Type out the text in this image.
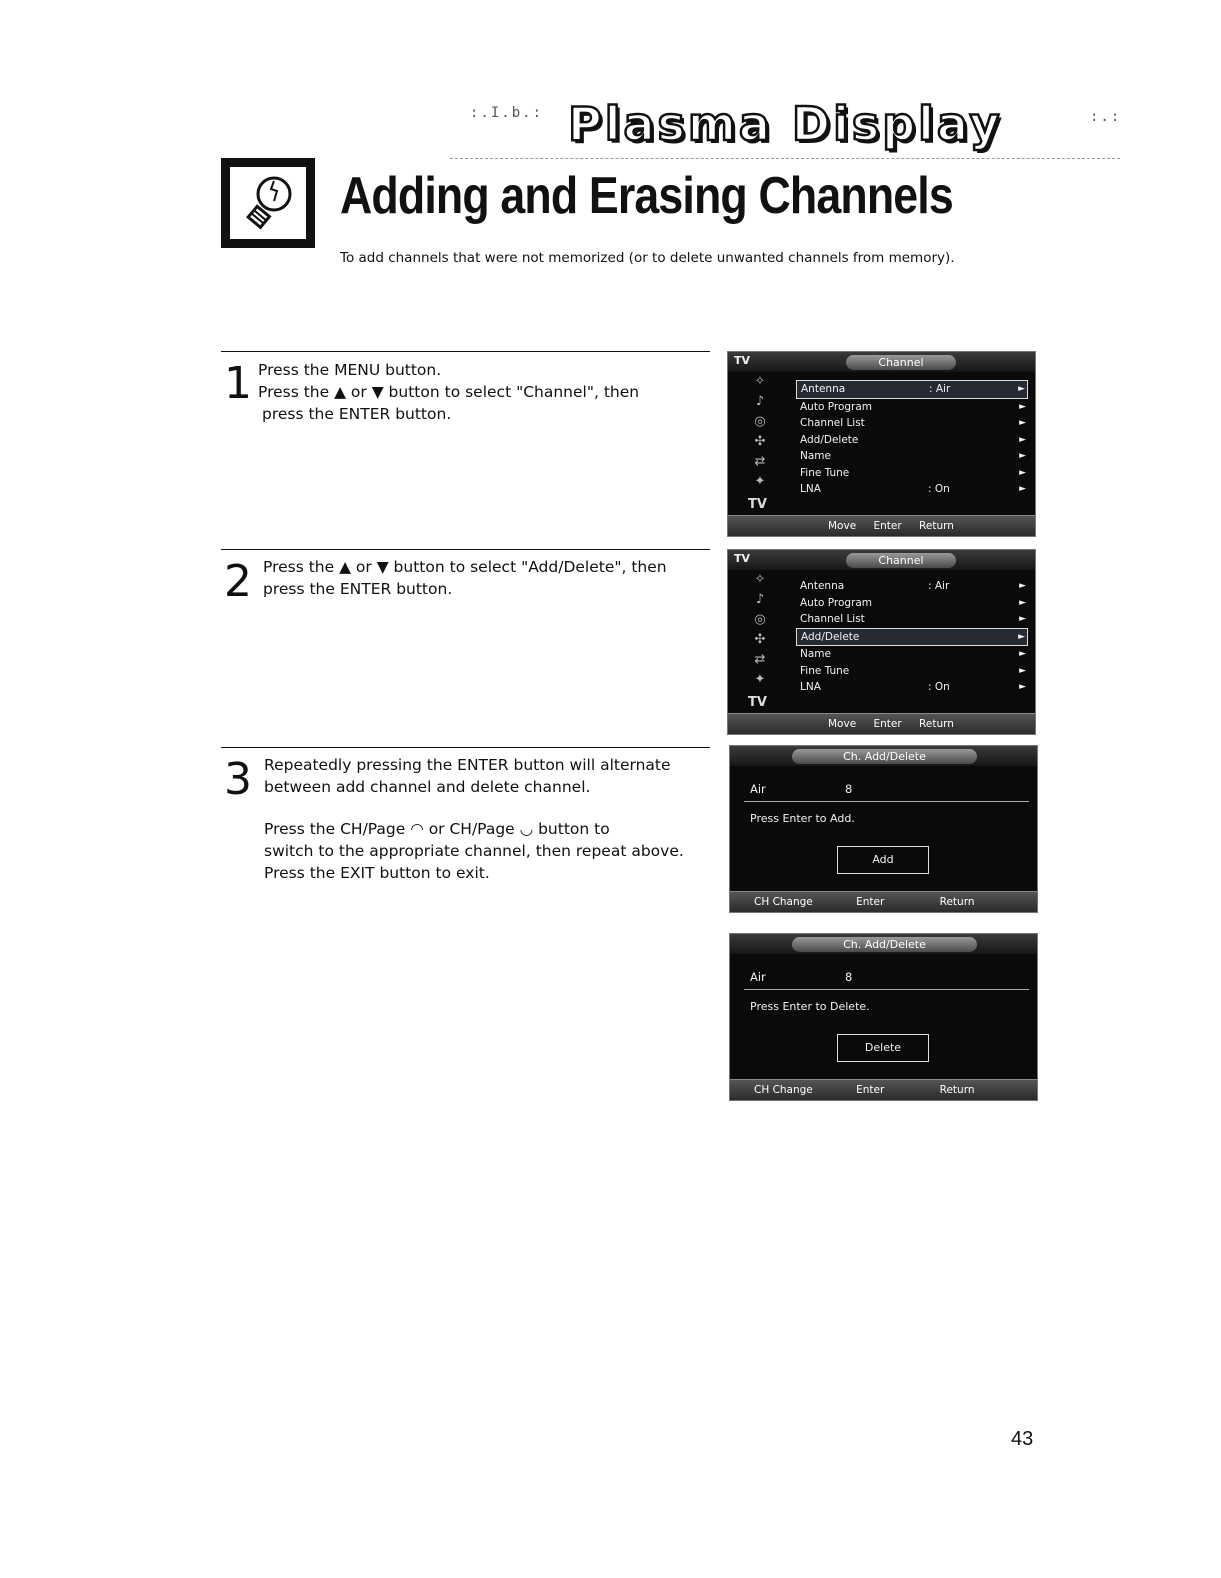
:.I.b.: Plasma Display	:.:
Adding and Erasing Channels
To add channels that were not memorized (or to delete unwanted channels from memory).
1 Press the MENU button.

Press the ▲ or ▼ button to select "Channel", then

press the ENTER button.

2 Press the ▲ or ▼ button to select "Add/Delete", then

press the ENTER button.

3 Repeatedly pressing the ENTER button will alternate

between add channel and delete channel.

Press the CH/Page ◠ or CH/Page ◡ button to

switch to the appropriate channel, then repeat above.

Press the EXIT button to exit.

TV	Channel
✧
♪
◎
✣
⇄
✦
Antenna	: Air	►
Auto Program	►
Channel List	►
Add/Delete	►
Name	►
Fine Tune	►
LNA	: On	►
TV
Move Enter Return
TV	Channel
✧
♪
◎
✣
⇄
✦
Antenna	: Air	►
Auto Program	►
Channel List	►
Add/Delete	►
Name	►
Fine Tune	►
LNA	: On	►
TV
Move Enter Return
Ch. Add/Delete
Air	8
Press Enter to Add.
Add
CH Change	Enter	Return
Ch. Add/Delete
Air	8
Press Enter to Delete.
Delete
CH Change	Enter	Return
43
